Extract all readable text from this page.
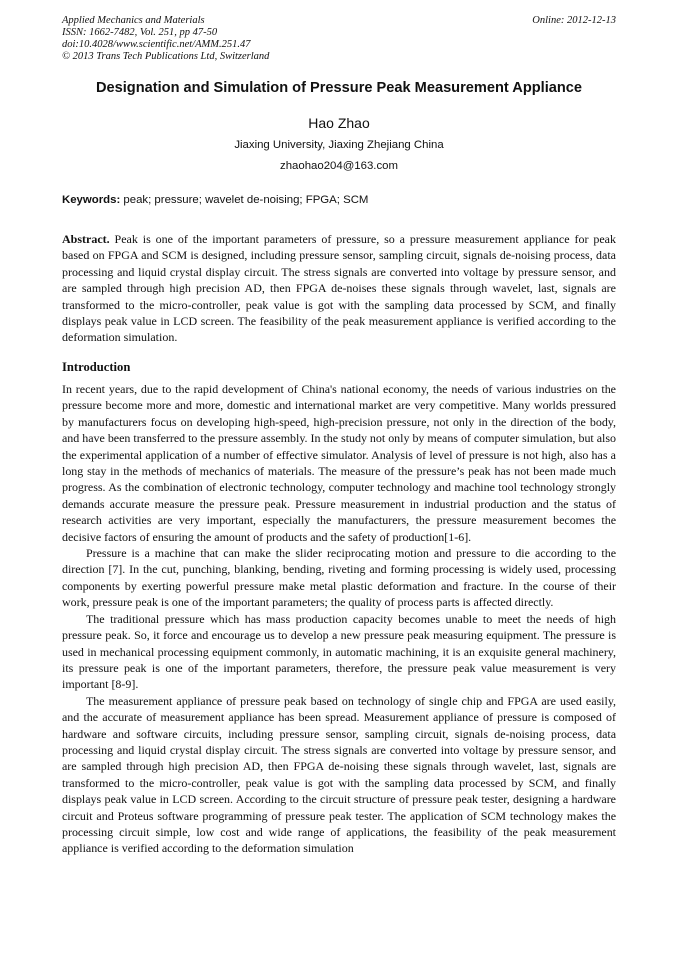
Applied Mechanics and Materials
ISSN: 1662-7482, Vol. 251, pp 47-50
doi:10.4028/www.scientific.net/AMM.251.47
© 2013 Trans Tech Publications Ltd, Switzerland
Online: 2012-12-13
Designation and Simulation of Pressure Peak Measurement Appliance
Hao Zhao
Jiaxing University, Jiaxing Zhejiang China
zhaohao204@163.com
Keywords: peak; pressure; wavelet de-noising; FPGA; SCM

Abstract. Peak is one of the important parameters of pressure, so a pressure measurement appliance for peak based on FPGA and SCM is designed, including pressure sensor, sampling circuit, signals de-noising process, data processing and liquid crystal display circuit. The stress signals are converted into voltage by pressure sensor, and are sampled through high precision AD, then FPGA de-noises these signals through wavelet, last, signals are transformed to the micro-controller, peak value is got with the sampling data processed by SCM, and finally displays peak value in LCD screen. The feasibility of the peak measurement appliance is verified according to the deformation simulation.

Introduction

In recent years, due to the rapid development of China's national economy, the needs of various industries on the pressure become more and more, domestic and international market are very competitive. Many worlds pressured by manufacturers focus on developing high-speed, high-precision pressure, not only in the direction of the body, and have been transferred to the pressure assembly. In the study not only by means of computer simulation, but also the experimental application of a number of effective simulator. Analysis of level of pressure is not high, also has a long stay in the methods of mechanics of materials. The measure of the pressure’s peak has not been made much progress. As the combination of electronic technology, computer technology and machine tool technology strongly demands accurate measure the pressure peak. Pressure measurement in industrial production and the status of research activities are very important, especially the manufacturers, the pressure measurement becomes the decisive factors of ensuring the amount of products and the safety of production[1-6].

Pressure is a machine that can make the slider reciprocating motion and pressure to die according to the direction [7]. In the cut, punching, blanking, bending, riveting and forming processing is widely used, processing components by exerting powerful pressure make metal plastic deformation and fracture. In the course of their work, pressure peak is one of the important parameters; the quality of process parts is affected directly.

The traditional pressure which has mass production capacity becomes unable to meet the needs of high pressure peak. So, it force and encourage us to develop a new pressure peak measuring equipment. The pressure is used in mechanical processing equipment commonly, in automatic machining, it is an exquisite general machinery, its pressure peak is one of the important parameters, therefore, the pressure peak value measurement is very important [8-9].

The measurement appliance of pressure peak based on technology of single chip and FPGA are used easily, and the accurate of measurement appliance has been spread. Measurement appliance of pressure is composed of hardware and software circuits, including pressure sensor, sampling circuit, signals de-noising process, data processing and liquid crystal display circuit. The stress signals are converted into voltage by pressure sensor, and are sampled through high precision AD, then FPGA de-noising these signals through wavelet, last, signals are transformed to the micro-controller, peak value is got with the sampling data processed by SCM, and finally displays peak value in LCD screen. According to the circuit structure of pressure peak tester, designing a hardware circuit and Proteus software programming of pressure peak tester. The application of SCM technology makes the processing circuit simple, low cost and wide range of applications, the feasibility of the peak measurement appliance is verified according to the deformation simulation
